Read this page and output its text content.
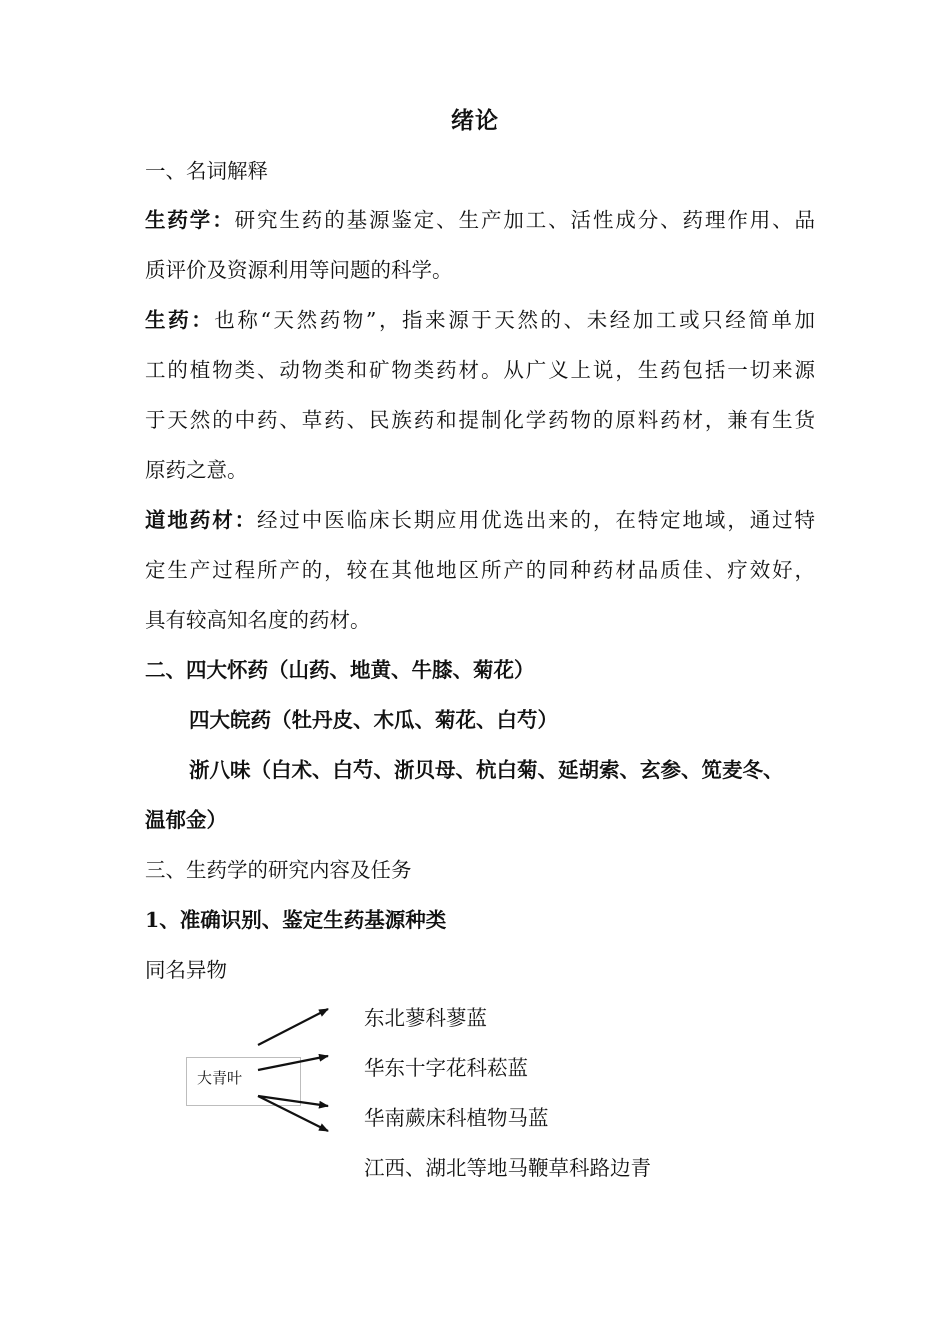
绪论
一、名词解释
生药学：研究生药的基源鉴定、生产加工、活性成分、药理作用、品
质评价及资源利用等问题的科学。
生药：也称“天然药物”，指来源于天然的、未经加工或只经简单加
工的植物类、动物类和矿物类药材。从广义上说，生药包括一切来源
于天然的中药、草药、民族药和提制化学药物的原料药材，兼有生货
原药之意。
道地药材：经过中医临床长期应用优选出来的，在特定地域，通过特
定生产过程所产的，较在其他地区所产的同种药材品质佳、疗效好，
具有较高知名度的药材。
二、四大怀药（山药、地黄、牛膝、菊花）
四大皖药（牡丹皮、木瓜、菊花、白芍）
浙八味（白术、白芍、浙贝母、杭白菊、延胡索、玄参、笕麦冬、
温郁金）
三、生药学的研究内容及任务
1、准确识别、鉴定生药基源种类
同名异物
大青叶
东北蓼科蓼蓝
华东十字花科菘蓝
华南蕨床科植物马蓝
江西、湖北等地马鞭草科路边青
